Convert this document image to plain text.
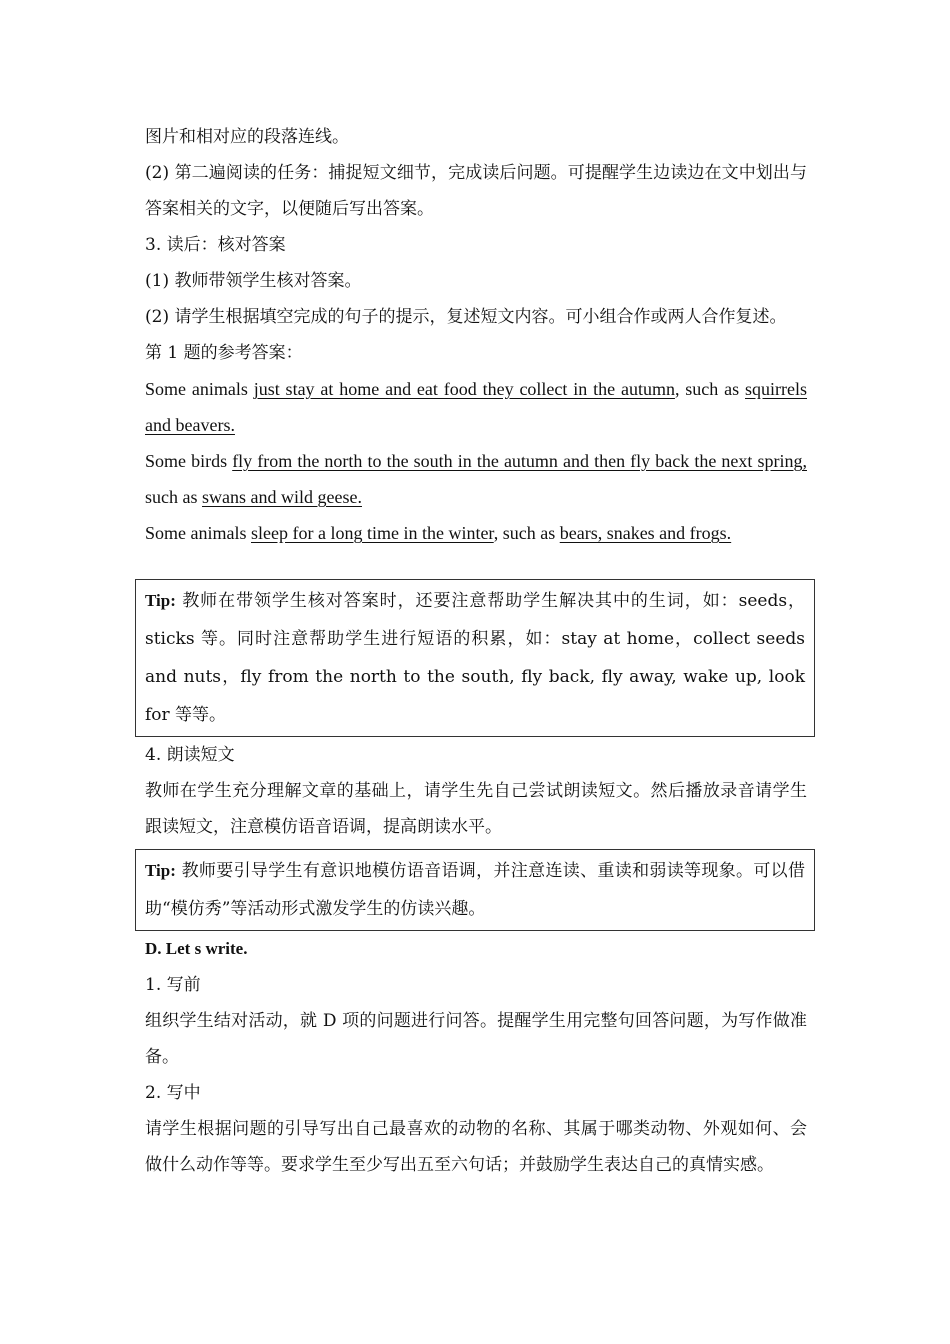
图片和相对应的段落连线。

(2) 第二遍阅读的任务：捕捉短文细节，完成读后问题。可提醒学生边读边在文中划出与答案相关的文字，以便随后写出答案。

3. 读后：核对答案

(1) 教师带领学生核对答案。

(2) 请学生根据填空完成的句子的提示，复述短文内容。可小组合作或两人合作复述。

第 1 题的参考答案：

Some animals just stay at home and eat food they collect in the autumn, such as squirrels and beavers.

Some birds fly from the north to the south in the autumn and then fly back the next spring, such as swans and wild geese.

Some animals sleep for a long time in the winter, such as bears, snakes and frogs.

Tip: 教师在带领学生核对答案时，还要注意帮助学生解决其中的生词，如：seeds，sticks 等。同时注意帮助学生进行短语的积累，如：stay at home，collect seeds and nuts，fly from the north to the south, fly back, fly away, wake up, look for 等等。

4. 朗读短文

教师在学生充分理解文章的基础上，请学生先自己尝试朗读短文。然后播放录音请学生跟读短文，注意模仿语音语调，提高朗读水平。

Tip: 教师要引导学生有意识地模仿语音语调，并注意连读、重读和弱读等现象。可以借助“模仿秀”等活动形式激发学生的仿读兴趣。

D. Let s write.

1. 写前

组织学生结对活动，就 D 项的问题进行问答。提醒学生用完整句回答问题，为写作做准备。

2. 写中

请学生根据问题的引导写出自己最喜欢的动物的名称、其属于哪类动物、外观如何、会做什么动作等等。要求学生至少写出五至六句话；并鼓励学生表达自己的真情实感。
